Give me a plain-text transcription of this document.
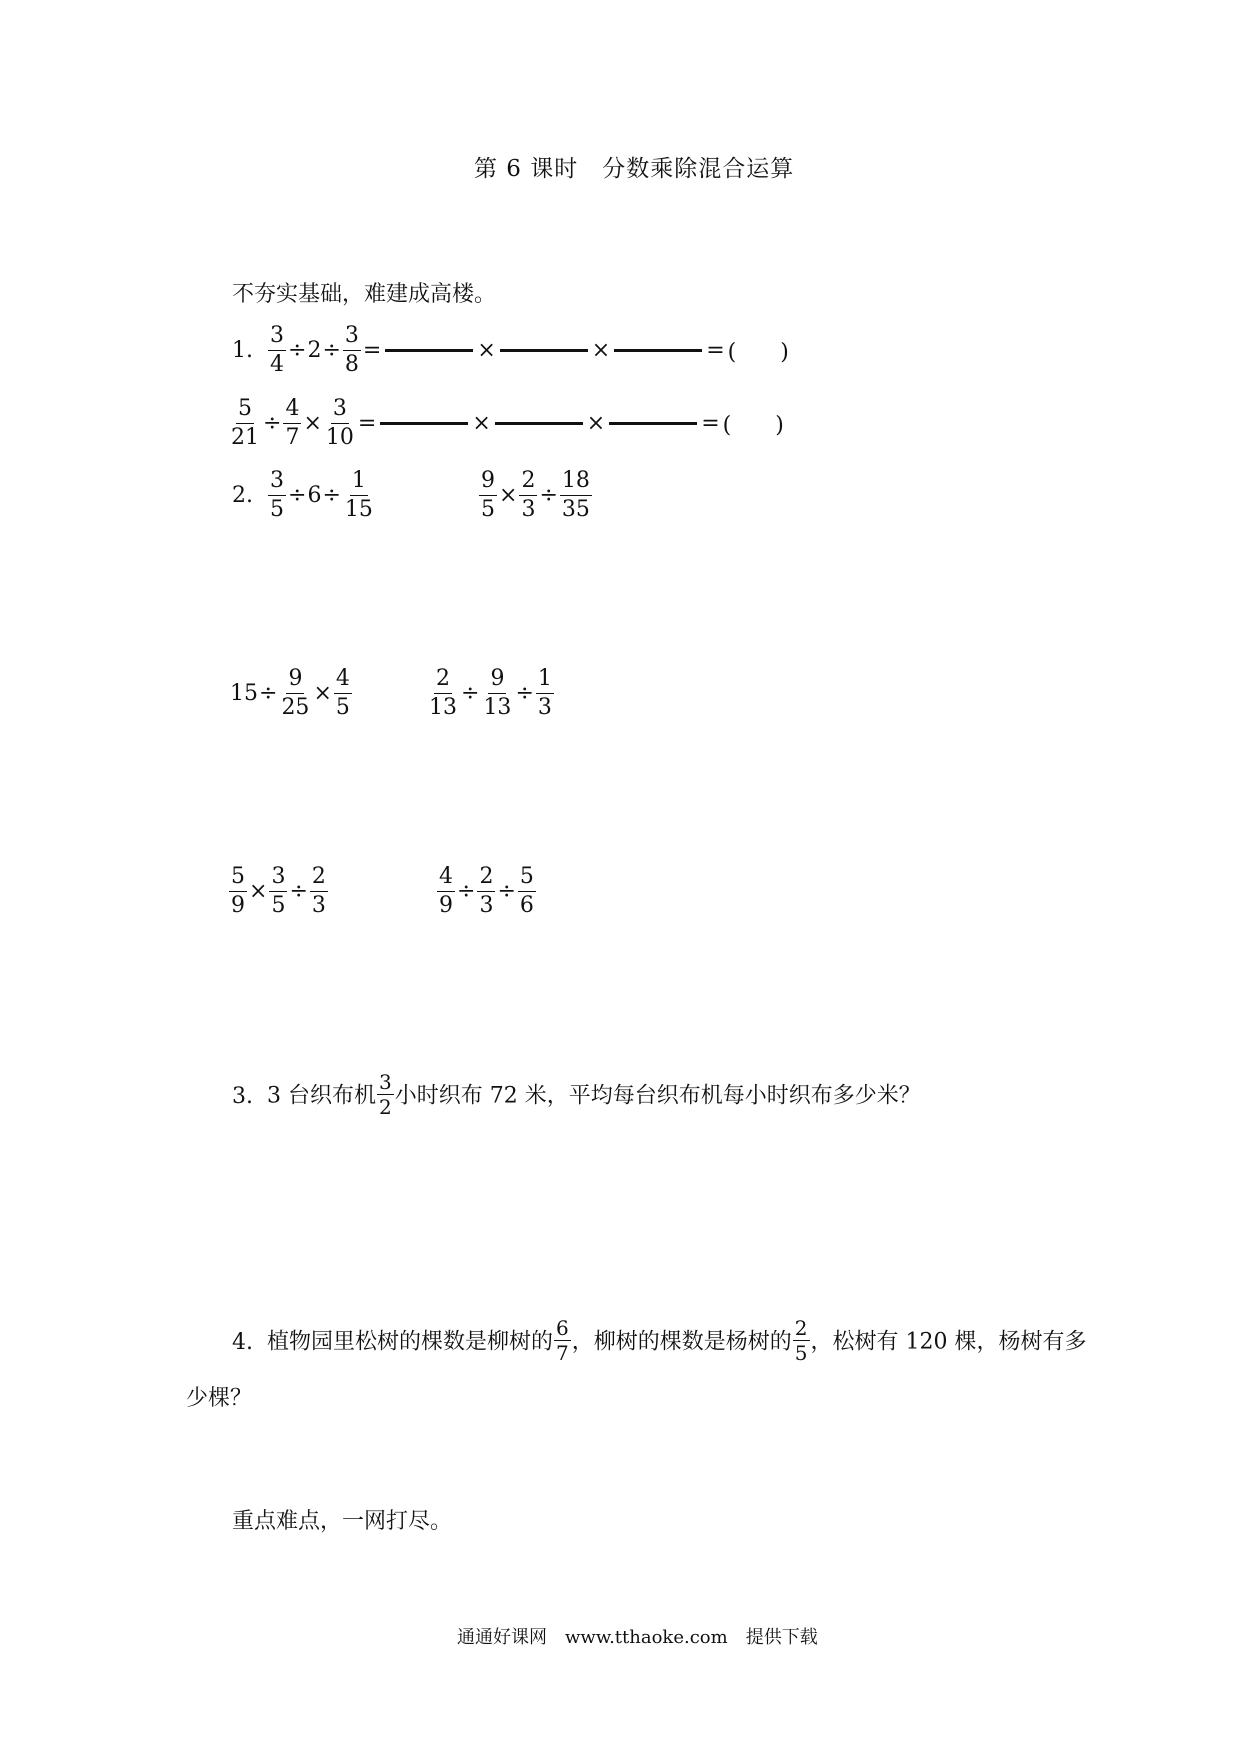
第 6 课时　分数乘除混合运算
不夯实基础，难建成高楼。
1. $\frac{3}{4} \div 2 \div \frac{3}{8}$ =	×	×	= (　　)
$\frac{5}{21} \div \frac{4}{7} \times \frac{3}{10}$ =	×	×	= (　　)
2. $\frac{3}{5} \div 6 \div \frac{1}{15}$	$\frac{9}{5} \times \frac{2}{3} \div \frac{18}{35}$
$15 \div \frac{9}{25} \times \frac{4}{5}$	$\frac{2}{13} \div \frac{9}{13} \div \frac{1}{3}$
$\frac{5}{9} \times \frac{3}{5} \div \frac{2}{3}$	$\frac{4}{9} \div \frac{2}{3} \div \frac{5}{6}$
3. 3 台织布机 $\frac{3}{2}$ 小时织布 72 米，平均每台织布机每小时织布多少米？
4. 植物园里松树的棵数是柳树的 $\frac{6}{7}$ ，柳树的棵数是杨树的 $\frac{2}{5}$ ，松树有 120 棵，杨树有多
少棵？
重点难点，一网打尽。
通通好课网　www.tthaoke.com　提供下载
